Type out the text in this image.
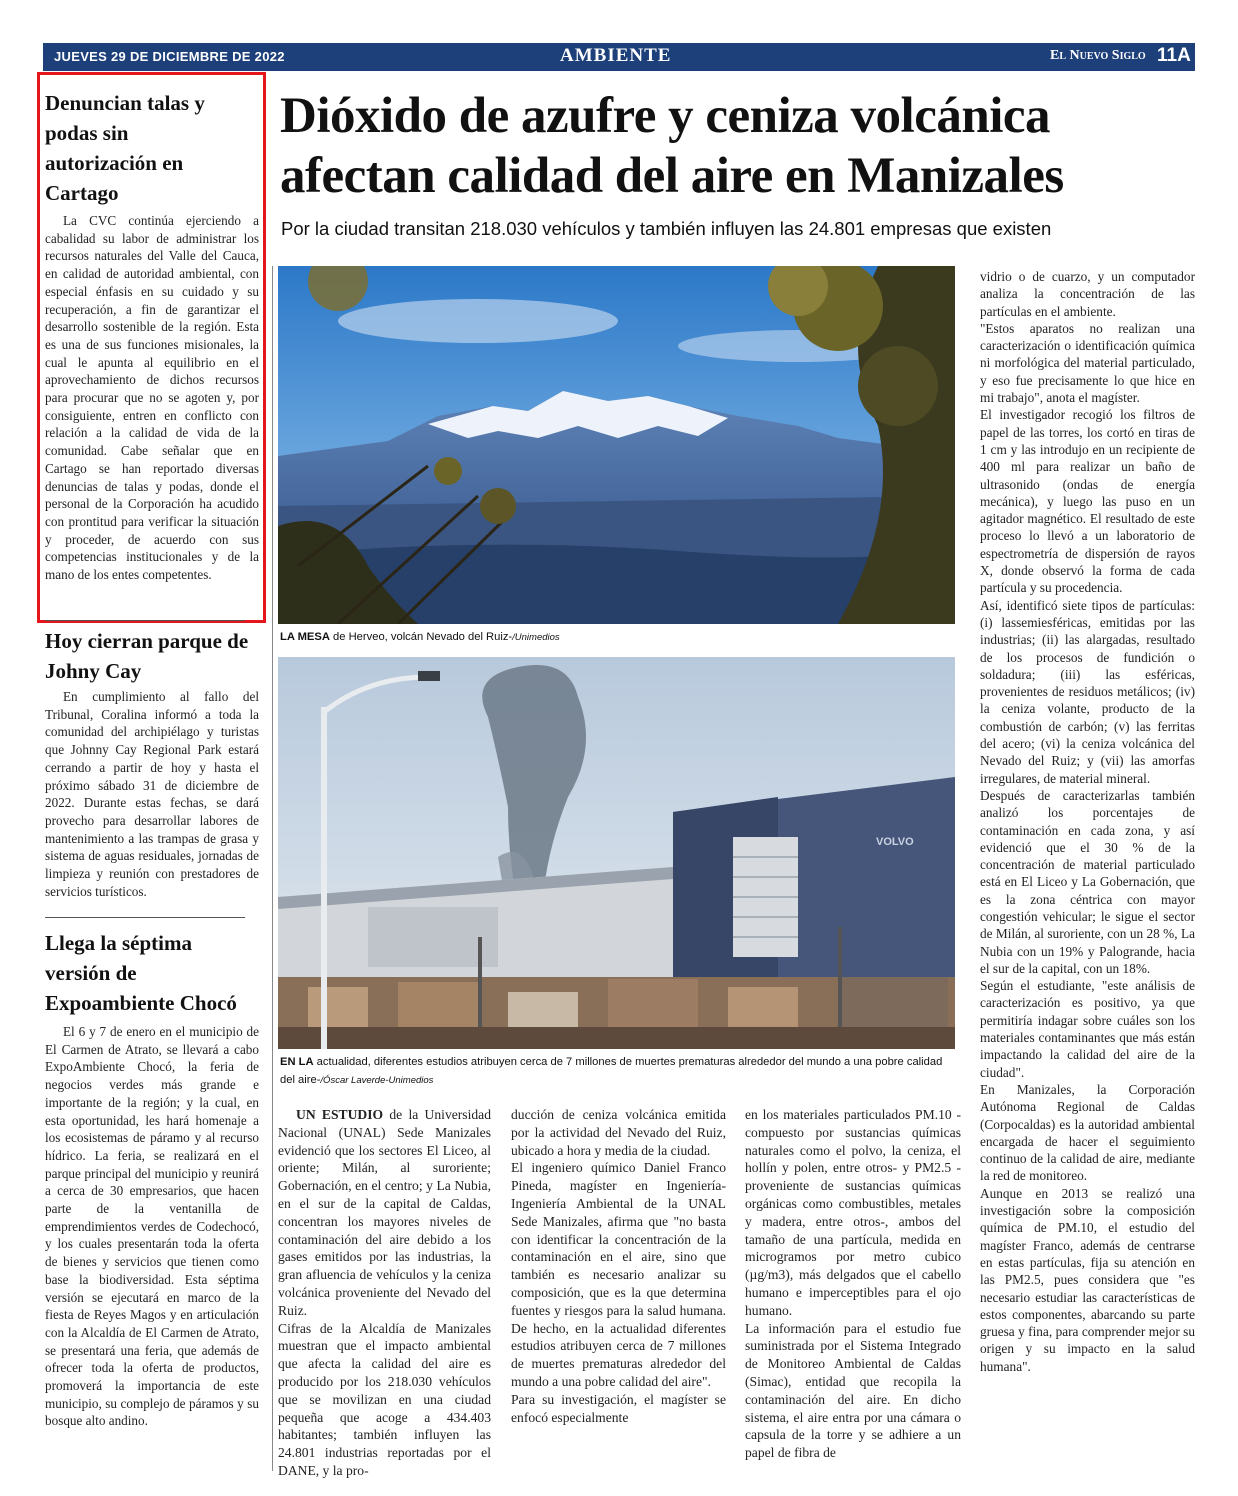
JUEVES 29 DE DICIEMBRE DE 2022	AMBIENTE	El Nuevo Siglo 11A
Denuncian talas y podas sin autorización en Cartago
La CVC continúa ejerciendo a cabalidad su labor de administrar los recursos naturales del Valle del Cauca, en calidad de autoridad ambiental, con especial énfasis en su cuidado y su recuperación, a fin de garantizar el desarrollo sostenible de la región. Esta es una de sus funciones misionales, la cual le apunta al equilibrio en el aprovechamiento de dichos recursos para procurar que no se agoten y, por consiguiente, entren en conflicto con relación a la calidad de vida de la comunidad. Cabe señalar que en Cartago se han reportado diversas denuncias de talas y podas, donde el personal de la Corporación ha acudido con prontitud para verificar la situación y proceder, de acuerdo con sus competencias institucionales y de la mano de los entes competentes.
Hoy cierran parque de Johny Cay
En cumplimiento al fallo del Tribunal, Coralina informó a toda la comunidad del archipiélago y turistas que Johnny Cay Regional Park estará cerrando a partir de hoy y hasta el próximo sábado 31 de diciembre de 2022. Durante estas fechas, se dará provecho para desarrollar labores de mantenimiento a las trampas de grasa y sistema de aguas residuales, jornadas de limpieza y reunión con prestadores de servicios turísticos.
Llega la séptima versión de Expoambiente Chocó
El 6 y 7 de enero en el municipio de El Carmen de Atrato, se llevará a cabo ExpoAmbiente Chocó, la feria de negocios verdes más grande e importante de la región; y la cual, en esta oportunidad, les hará homenaje a los ecosistemas de páramo y al recurso hídrico. La feria, se realizará en el parque principal del municipio y reunirá a cerca de 30 empresarios, que hacen parte de la ventanilla de emprendimientos verdes de Codechocó, y los cuales presentarán toda la oferta de bienes y servicios que tienen como base la biodiversidad. Esta séptima versión se ejecutará en marco de la fiesta de Reyes Magos y en articulación con la Alcaldía de El Carmen de Atrato, se presentará una feria, que además de ofrecer toda la oferta de productos, promoverá la importancia de este municipio, su complejo de páramos y su bosque alto andino.
Dióxido de azufre y ceniza volcánica afectan calidad del aire en Manizales
Por la ciudad transitan 218.030 vehículos y también influyen las 24.801 empresas que existen
LA MESA de Herveo, volcán Nevado del Ruiz-/Unimedios
VOLVO
EN LA actualidad, diferentes estudios atribuyen cerca de 7 millones de muertes prematuras alrededor del mundo a una pobre calidad del aire-/Óscar Laverde-Unimedios
UN ESTUDIO de la Universidad Nacional (UNAL) Sede Manizales evidenció que los sectores El Liceo, al oriente; Milán, al suroriente; Gobernación, en el centro; y La Nubia, en el sur de la capital de Caldas, concentran los mayores niveles de contaminación del aire debido a los gases emitidos por las industrias, la gran afluencia de vehículos y la ceniza volcánica proveniente del Nevado del Ruiz.
Cifras de la Alcaldía de Manizales muestran que el impacto ambiental que afecta la calidad del aire es producido por los 218.030 vehículos que se movilizan en una ciudad pequeña que acoge a 434.403 habitantes; también influyen las 24.801 industrias reportadas por el DANE, y la pro-
ducción de ceniza volcánica emitida por la actividad del Nevado del Ruiz, ubicado a hora y media de la ciudad.
El ingeniero químico Daniel Franco Pineda, magíster en Ingeniería-Ingeniería Ambiental de la UNAL Sede Manizales, afirma que "no basta con identificar la concentración de la contaminación en el aire, sino que también es necesario analizar su composición, que es la que determina fuentes y riesgos para la salud humana. De hecho, en la actualidad diferentes estudios atribuyen cerca de 7 millones de muertes prematuras alrededor del mundo a una pobre calidad del aire".
Para su investigación, el magíster se enfocó especialmente
en los materiales particulados PM.10 -compuesto por sustancias químicas naturales como el polvo, la ceniza, el hollín y polen, entre otros- y PM2.5 -proveniente de sustancias químicas orgánicas como combustibles, metales y madera, entre otros-, ambos del tamaño de una partícula, medida en microgramos por metro cubico (µg/m3), más delgados que el cabello humano e imperceptibles para el ojo humano.
La información para el estudio fue suministrada por el Sistema Integrado de Monitoreo Ambiental de Caldas (Simac), entidad que recopila la contaminación del aire. En dicho sistema, el aire entra por una cámara o capsula de la torre y se adhiere a un papel de fibra de
vidrio o de cuarzo, y un computador analiza la concentración de las partículas en el ambiente.
"Estos aparatos no realizan una caracterización o identificación química ni morfológica del material particulado, y eso fue precisamente lo que hice en mi trabajo", anota el magíster.
El investigador recogió los filtros de papel de las torres, los cortó en tiras de 1 cm y las introdujo en un recipiente de 400 ml para realizar un baño de ultrasonido (ondas de energía mecánica), y luego las puso en un agitador magnético. El resultado de este proceso lo llevó a un laboratorio de espectrometría de dispersión de rayos X, donde observó la forma de cada partícula y su procedencia.
Así, identificó siete tipos de partículas: (i) lassemiesféricas, emitidas por las industrias; (ii) las alargadas, resultado de los procesos de fundición o soldadura; (iii) las esféricas, provenientes de residuos metálicos; (iv) la ceniza volante, producto de la combustión de carbón; (v) las ferritas del acero; (vi) la ceniza volcánica del Nevado del Ruiz; y (vii) las amorfas irregulares, de material mineral.
Después de caracterizarlas también analizó los porcentajes de contaminación en cada zona, y así evidenció que el 30 % de la concentración de material particulado está en El Liceo y La Gobernación, que es la zona céntrica con mayor congestión vehicular; le sigue el sector de Milán, al suroriente, con un 28 %, La Nubia con un 19% y Palogrande, hacia el sur de la capital, con un 18%.
Según el estudiante, "este análisis de caracterización es positivo, ya que permitiría indagar sobre cuáles son los materiales contaminantes que más están impactando la calidad del aire de la ciudad".
En Manizales, la Corporación Autónoma Regional de Caldas (Corpocaldas) es la autoridad ambiental encargada de hacer el seguimiento continuo de la calidad de aire, mediante la red de monitoreo.
Aunque en 2013 se realizó una investigación sobre la composición química de PM.10, el estudio del magíster Franco, además de centrarse en estas partículas, fija su atención en las PM2.5, pues considera que "es necesario estudiar las características de estos componentes, abarcando su parte gruesa y fina, para comprender mejor su origen y su impacto en la salud humana".
